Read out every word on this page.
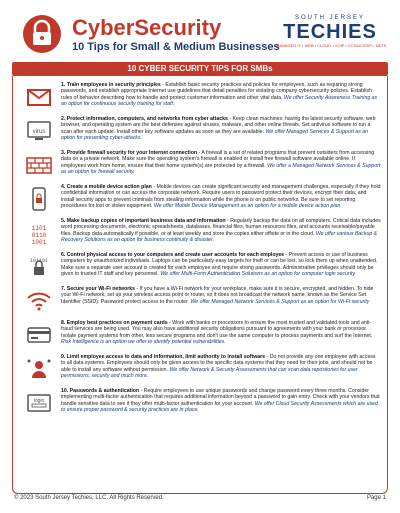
CyberSecurity
10 Tips for Small & Medium Businesses
SOUTH JERSEY
TECHIES
MANAGED IT • WEB • CLOUD • VOIP • CCSA/CISSP • NETS
10 CYBER SECURITY TIPS FOR SMBs
1. Train employees in security principles - Establish basic security practices and policies for employees, such as requiring strong passwords, and establish appropriate Internet use guidelines that detail penalties for violating company cybersecurity policies. Establish rules of behavior describing how to handle and protect customer information and other vital data. We offer Security Awareness Training as an option for continuous security training for staff.
virus
2. Protect information, computers, and networks from cyber attacks - Keep clean machines: having the latest security software, web browser, and operating system are the best defenses against viruses, malware, and other online threats. Set antivirus software to run a scan after each update. Install other key software updates as soon as they are available. We offer Managed Services & Support as an option for preventing cyber-attacks.
3. Provide firewall security for your Internet connection - A firewall is a set of related programs that prevent outsiders from accessing data on a private network. Make sure the operating system's firewall is enabled or install free firewall software available online. If employees work from home, ensure that their home system(s) are protected by a firewall. We offer a Managed Network Services & Support as an option for firewall security.
4. Create a mobile device action plan - Mobile devices can create significant security and management challenges, especially if they hold confidential information or can access the corporate network. Require users to password protect their devices, encrypt their data, and install security apps to prevent criminals from stealing information while the phone is on public networks. Be sure to set reporting procedures for lost or stolen equipment. We offer Mobile Device Management as an option for a mobile device action plan.
1101
0110
1001
5. Make backup copies of important business data and information - Regularly backup the data on all computers. Critical data includes word processing documents, electronic spreadsheets, databases, financial files, human resources files, and accounts receivable/payable files. Backup data automatically if possible, or at least weekly and store the copies either offsite or in the cloud. We offer various Backup & Recovery Solutions as an option for business continuity & disaster.
101101
6. Control physical access to your computers and create user accounts for each employee - Prevent access or use of business computers by unauthorized individuals. Laptops can be particularly easy targets for theft or can be lost, so lock them up when unattended. Make sure a separate user account is created for each employee and require strong passwords. Administrative privileges should only be given to trusted IT staff and key personnel. We offer Multi-Form Authentication Solutions as an option for computer login security.
7. Secure your Wi-Fi networks - If you have a Wi-Fi network for your workplace, make sure it is secure, encrypted, and hidden. To hide your Wi-Fi network, set up your wireless access point or router, so it does not broadcast the network name, known as the Service Set Identifier (SSID). Password protect access to the router. We offer Managed Network Services & Support as an option for Wi-Fi security
8. Employ best practices on payment cards - Work with banks or processors to ensure the most trusted and validated tools and anti-fraud services are being used. You may also have additional security obligations pursuant to agreements with your bank or processor. Isolate payment systems from other, less secure programs and don't use the same computer to process payments and surf the Internet. Risk Intelligence is an option we offer to identify potential vulnerabilities.
9. Limit employee access to data and information, limit authority to install software - Do not provide any one employee with access to all data systems. Employees should only be given access to the specific data systems that they need for their jobs, and should not be able to install any software without permission. We offer Network & Security Assessments that can scan data repositories for user permissions, security and much more.
login
10. Passwords & authentication - Require employees to use unique passwords and change password every three months. Consider implementing multi-factor authentication that requires additional information beyond a password to gain entry. Check with your vendors that handle sensitive data to see if they offer multi-factor authentication for your account. We offer Cloud Security Assessments which are used to ensure proper password & security practices are in place.
© 2023 South Jersey Techies, LLC. All Rights Reserved.	Page 1
